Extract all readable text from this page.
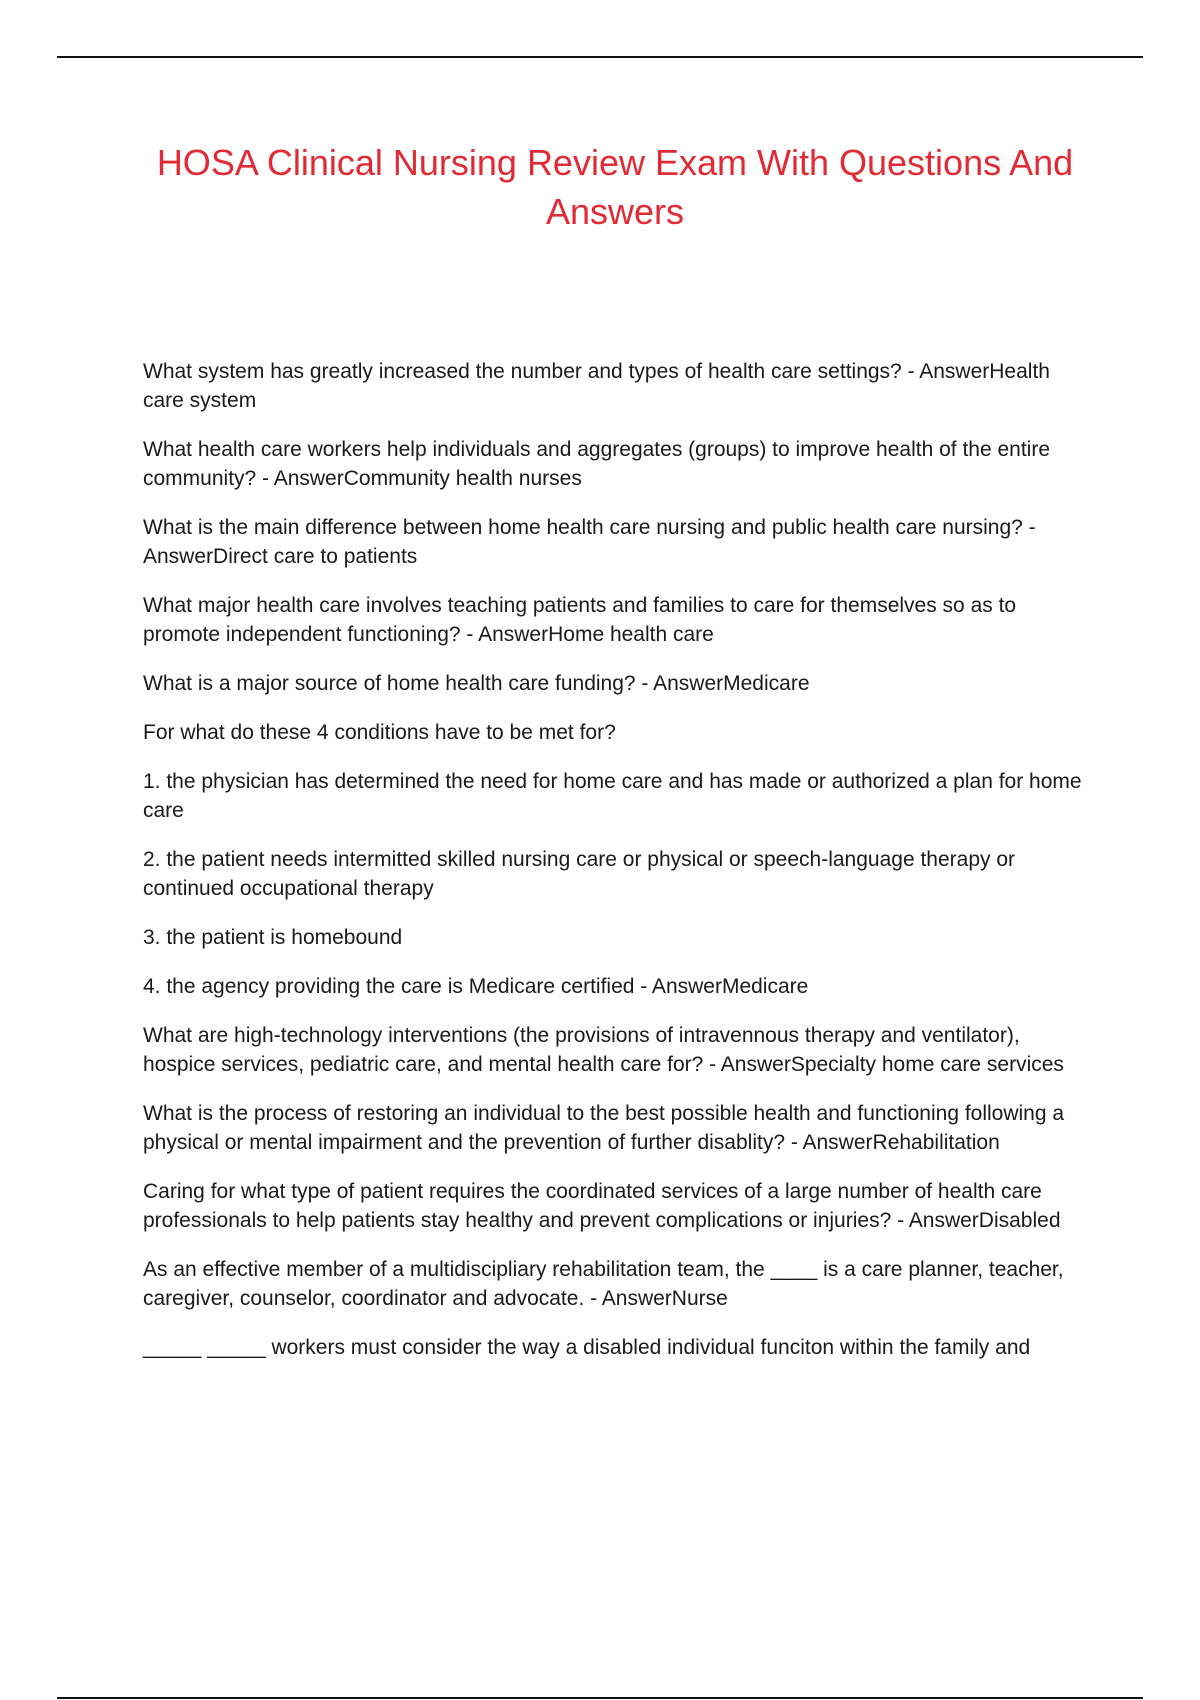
HOSA Clinical Nursing Review Exam With Questions And Answers

What system has greatly increased the number and types of health care settings? - AnswerHealth care system

What health care workers help individuals and aggregates (groups) to improve health of the entire community? - AnswerCommunity health nurses

What is the main difference between home health care nursing and public health care nursing? - AnswerDirect care to patients

What major health care involves teaching patients and families to care for themselves so as to promote independent functioning? - AnswerHome health care

What is a major source of home health care funding? - AnswerMedicare

For what do these 4 conditions have to be met for?

1. the physician has determined the need for home care and has made or authorized a plan for home care

2. the patient needs intermitted skilled nursing care or physical or speech-language therapy or continued occupational therapy

3. the patient is homebound

4. the agency providing the care is Medicare certified - AnswerMedicare

What are high-technology interventions (the provisions of intravennous therapy and ventilator), hospice services, pediatric care, and mental health care for? - AnswerSpecialty home care services

What is the process of restoring an individual to the best possible health and functioning following a physical or mental impairment and the prevention of further disablity? - AnswerRehabilitation

Caring for what type of patient requires the coordinated services of a large number of health care professionals to help patients stay healthy and prevent complications or injuries? - AnswerDisabled

As an effective member of a multidiscipliary rehabilitation team, the ____ is a care planner, teacher, caregiver, counselor, coordinator and advocate. - AnswerNurse

_____ _____ workers must consider the way a disabled individual funciton within the family and
